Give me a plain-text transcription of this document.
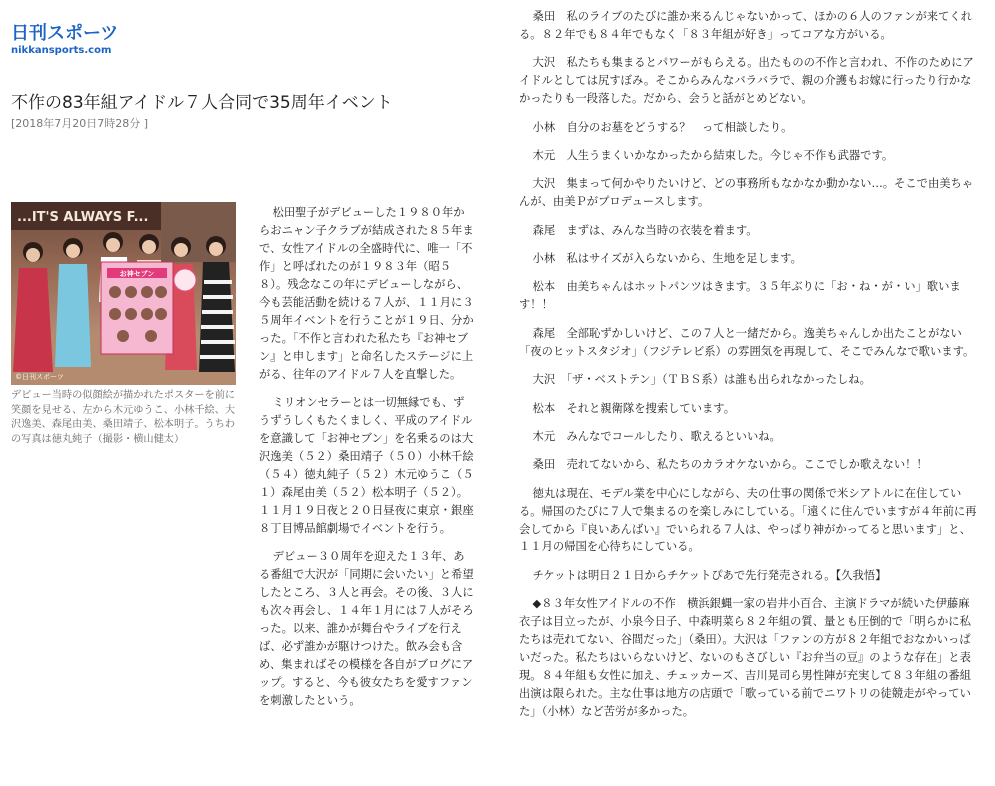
日刊スポーツ
nikkansports.com
不作の83年組アイドル７人合同で35周年イベント
[2018年7月20日7時28分 ]
...IT'S ALWAYS F...
お神セブン
©日刊スポーツ
デビュー当時の似顔絵が描かれたポスターを前に笑顔を見せる、左から木元ゆうこ、小林千絵、大沢逸美、森尾由美、桑田靖子、松本明子。うちわの写真は徳丸純子（撮影・横山健太）

松田聖子がデビューした１９８０年からおニャン子クラブが結成された８５年まで、女性アイドルの全盛時代に、唯一「不作」と呼ばれたのが１９８３年（昭５８）。残念なこの年にデビューしながら、今も芸能活動を続ける７人が、１１月に３５周年イベントを行うことが１９日、分かった。「不作と言われた私たち『お神セブン』と申します」と命名したステージに上がる、往年のアイドル７人を直撃した。

ミリオンセラーとは一切無縁でも、ずうずうしくもたくましく、平成のアイドルを意識して「お神セブン」を名乗るのは大沢逸美（５２）桑田靖子（５０）小林千絵（５４）徳丸純子（５２）木元ゆうこ（５１）森尾由美（５２）松本明子（５２）。１１月１９日夜と２０日昼夜に東京・銀座８丁目博品館劇場でイベントを行う。

デビュー３０周年を迎えた１３年、ある番組で大沢が「同期に会いたい」と希望したところ、３人と再会。その後、３人にも次々再会し、１４年１月には７人がそろった。以来、誰かが舞台やライブを行えば、必ず誰かが駆けつけた。飲み会も含め、集まればその模様を各自がブログにアップ。すると、今も彼女たちを愛すファンを刺激したという。

桑田　私のライブのたびに誰か来るんじゃないかって、ほかの６人のファンが来てくれる。８２年でも８４年でもなく「８３年組が好き」ってコアな方がいる。

大沢　私たちも集まるとパワーがもらえる。出たものの不作と言われ、不作のためにアイドルとしては尻すぼみ。そこからみんなバラバラで、親の介護もお嫁に行ったり行かなかったりも一段落した。だから、会うと話がとめどない。

小林　自分のお墓をどうする？　って相談したり。

木元　人生うまくいかなかったから結束した。今じゃ不作も武器です。

大沢　集まって何かやりたいけど、どの事務所もなかなか動かない…。そこで由美ちゃんが、由美Ｐがプロデュースします。

森尾　まずは、みんな当時の衣装を着ます。

小林　私はサイズが入らないから、生地を足します。

松本　由美ちゃんはホットパンツはきます。３５年ぶりに「お・ね・が・い」歌います！！

森尾　全部恥ずかしいけど、この７人と一緒だから。逸美ちゃんしか出たことがない「夜のヒットスタジオ」（フジテレビ系）の雰囲気を再現して、そこでみんなで歌います。

大沢　「ザ・ベストテン」（ＴＢＳ系）は誰も出られなかったしね。

松本　それと親衛隊を捜索しています。

木元　みんなでコールしたり、歌えるといいね。

桑田　売れてないから、私たちのカラオケないから。ここでしか歌えない！！

徳丸は現在、モデル業を中心にしながら、夫の仕事の関係で米シアトルに在住している。帰国のたびに７人で集まるのを楽しみにしている。「遠くに住んでいますが４年前に再会してから『良いあんばい』でいられる７人は、やっぱり神がかってると思います」と、１１月の帰国を心待ちにしている。

チケットは明日２１日からチケットぴあで先行発売される。【久我悟】

◆８３年女性アイドルの不作　横浜銀蝿一家の岩井小百合、主演ドラマが続いた伊藤麻衣子は目立ったが、小泉今日子、中森明菜ら８２年組の質、量とも圧倒的で「明らかに私たちは売れてない、谷間だった」（桑田）。大沢は「ファンの方が８２年組でおなかいっぱいだった。私たちはいらないけど、ないのもさびしい『お弁当の豆』のような存在」と表現。８４年組も女性に加え、チェッカーズ、吉川晃司ら男性陣が充実して８３年組の番組出演は限られた。主な仕事は地方の店頭で「歌っている前でニワトリの徒競走がやっていた」（小林）など苦労が多かった。
